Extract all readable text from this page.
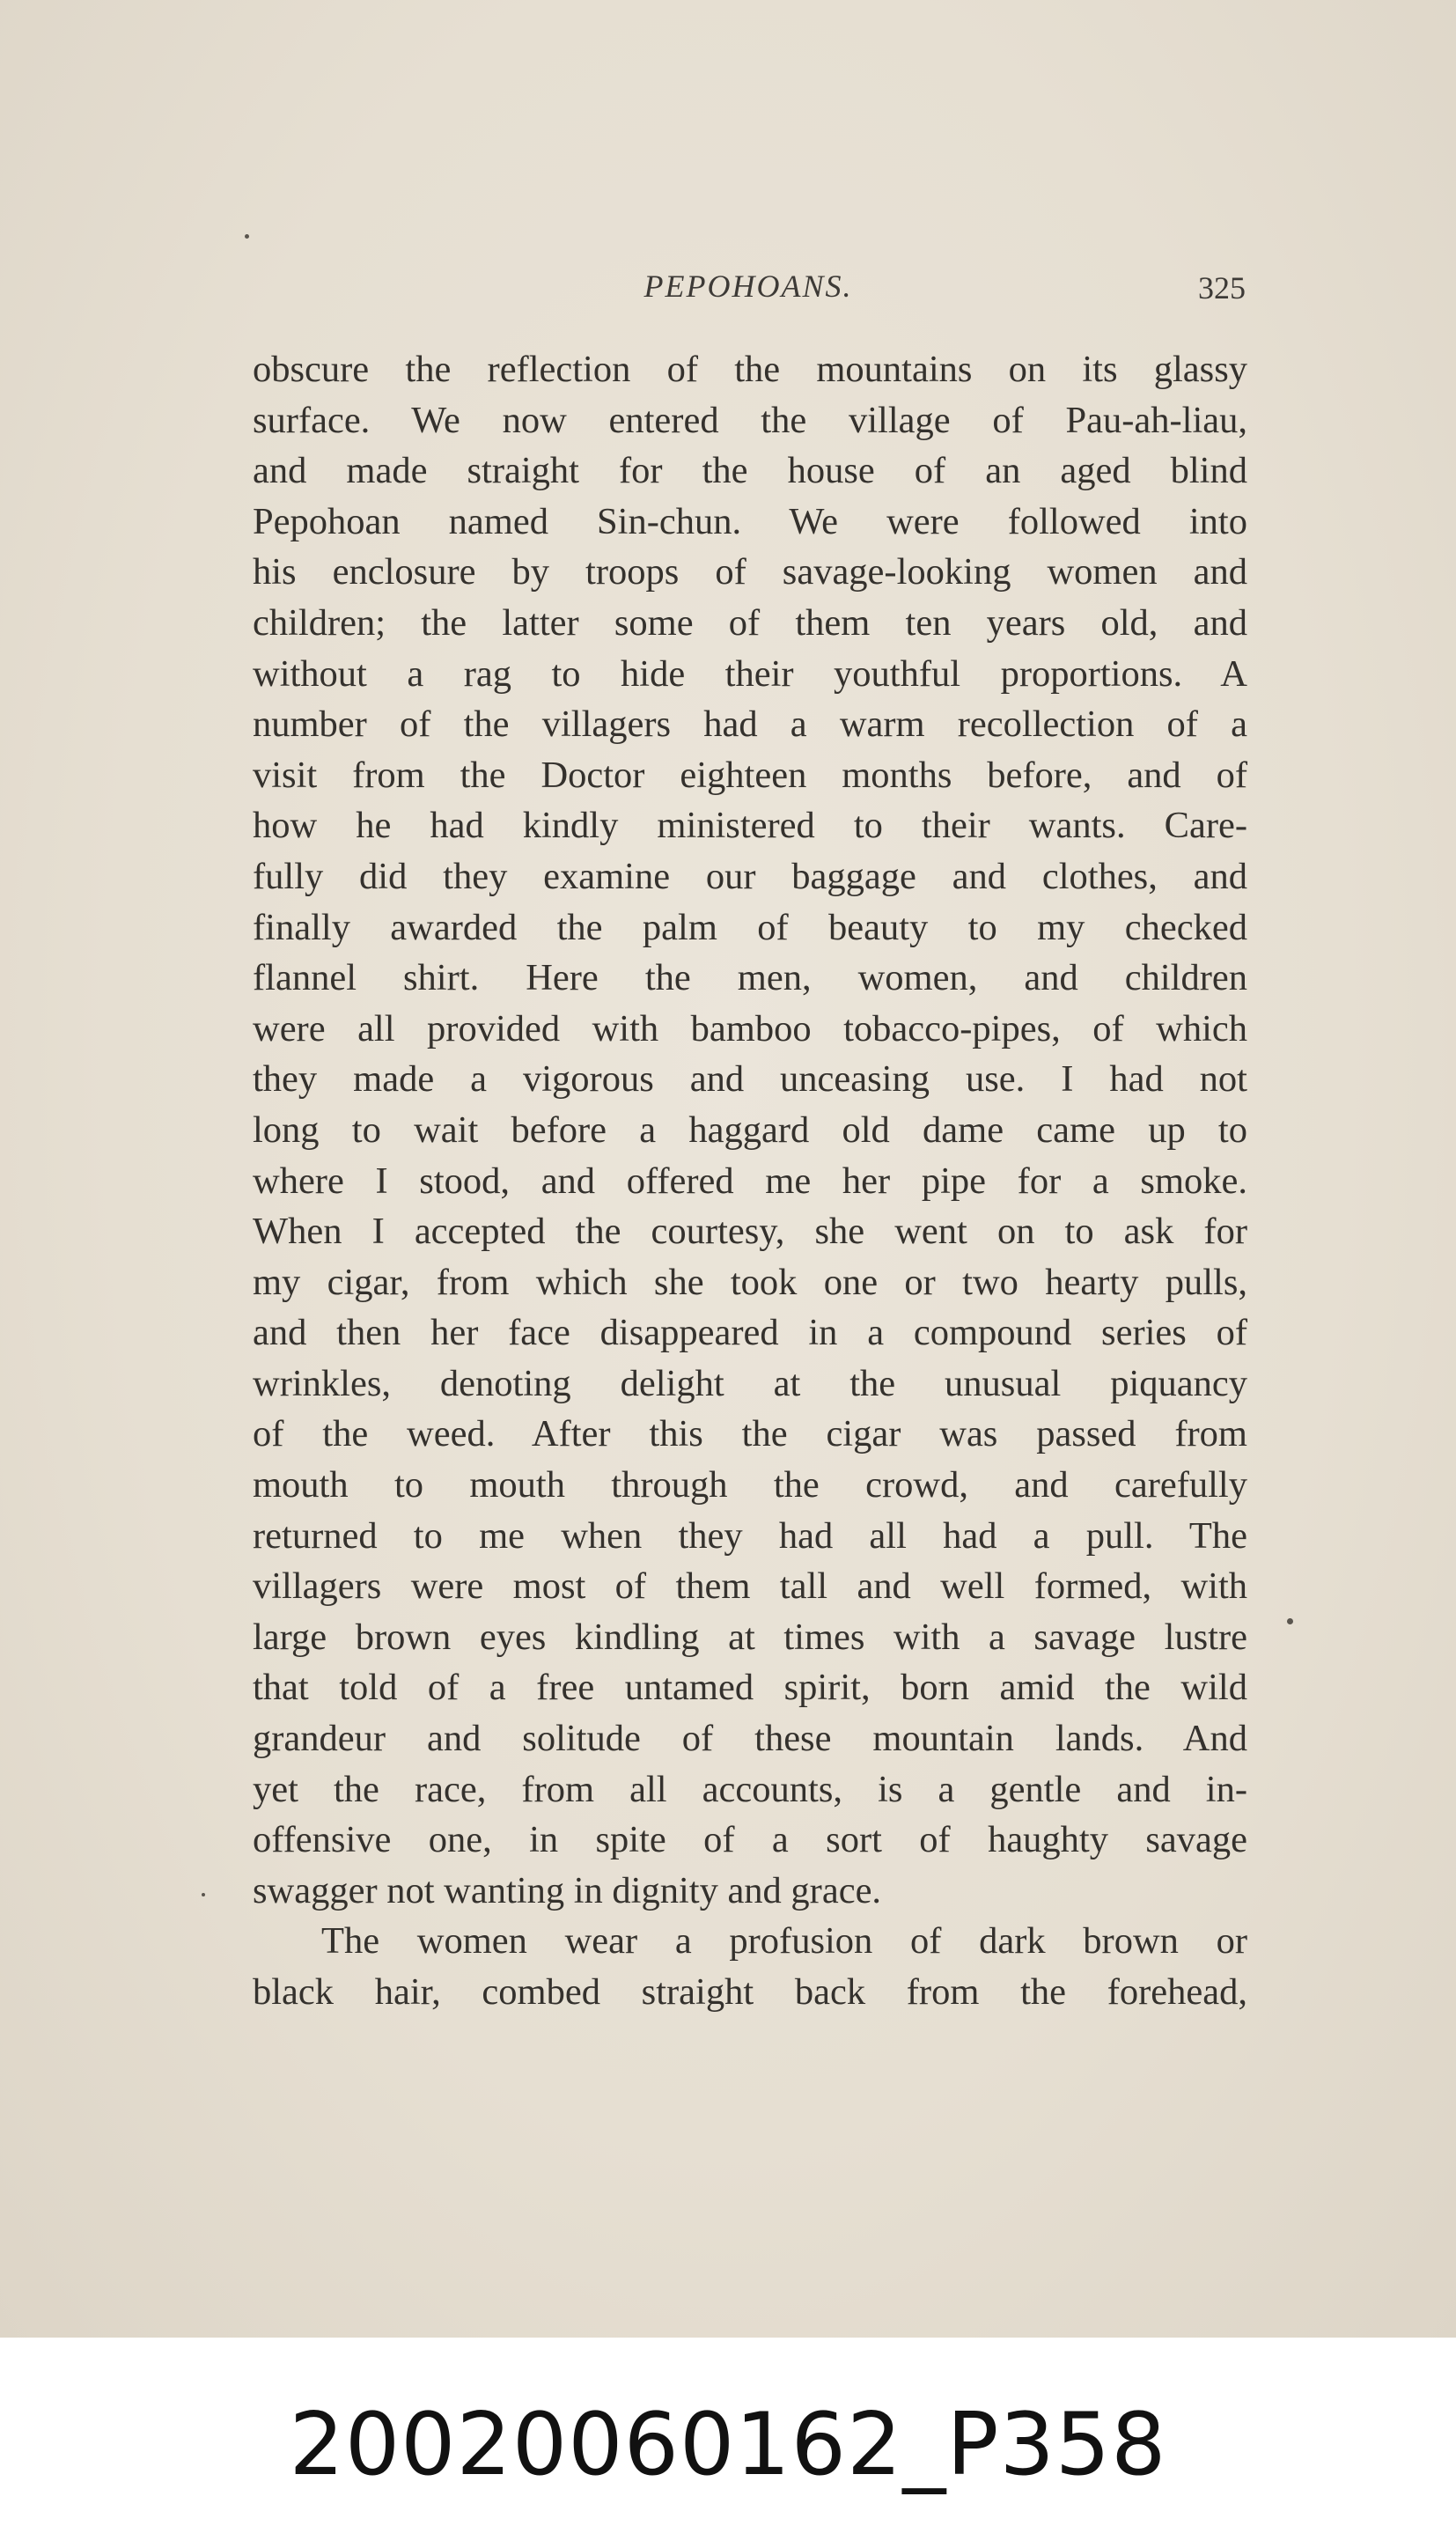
PEPOHOANS.	325
obscure the reflection of the mountains on its glassy
surface. We now entered the village of Pau-ah-liau,
and made straight for the house of an aged blind
Pepohoan named Sin-chun. We were followed into
his enclosure by troops of savage-looking women and
children; the latter some of them ten years old, and
without a rag to hide their youthful proportions. A
number of the villagers had a warm recollection of a
visit from the Doctor eighteen months before, and of
how he had kindly ministered to their wants. Care-
fully did they examine our baggage and clothes, and
finally awarded the palm of beauty to my checked
flannel shirt. Here the men, women, and children
were all provided with bamboo tobacco-pipes, of which
they made a vigorous and unceasing use. I had not
long to wait before a haggard old dame came up to
where I stood, and offered me her pipe for a smoke.
When I accepted the courtesy, she went on to ask for
my cigar, from which she took one or two hearty pulls,
and then her face disappeared in a compound series of
wrinkles, denoting delight at the unusual piquancy
of the weed. After this the cigar was passed from
mouth to mouth through the crowd, and carefully
returned to me when they had all had a pull. The
villagers were most of them tall and well formed, with
large brown eyes kindling at times with a savage lustre
that told of a free untamed spirit, born amid the wild
grandeur and solitude of these mountain lands. And
yet the race, from all accounts, is a gentle and in-
offensive one, in spite of a sort of haughty savage
swagger not wanting in dignity and grace.
The women wear a profusion of dark brown or
black hair, combed straight back from the forehead,
20020060162_P358
